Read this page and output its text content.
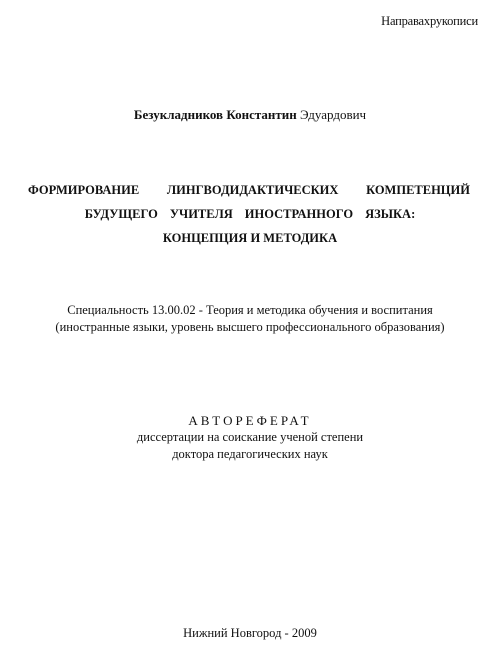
Направахрукописи
Безукладников Константин Эдуардович
ФОРМИРОВАНИЕ ЛИНГВОДИДАКТИЧЕСКИХ КОМПЕТЕНЦИЙ
БУДУЩЕГО УЧИТЕЛЯ ИНОСТРАННОГО ЯЗЫКА:
КОНЦЕПЦИЯ И МЕТОДИКА
Специальность 13.00.02 - Теория и методика обучения и воспитания
(иностранные языки, уровень высшего профессионального образования)
АВТОРЕФЕРАТ
диссертации на соискание ученой степени
доктора педагогических наук
Нижний Новгород - 2009
